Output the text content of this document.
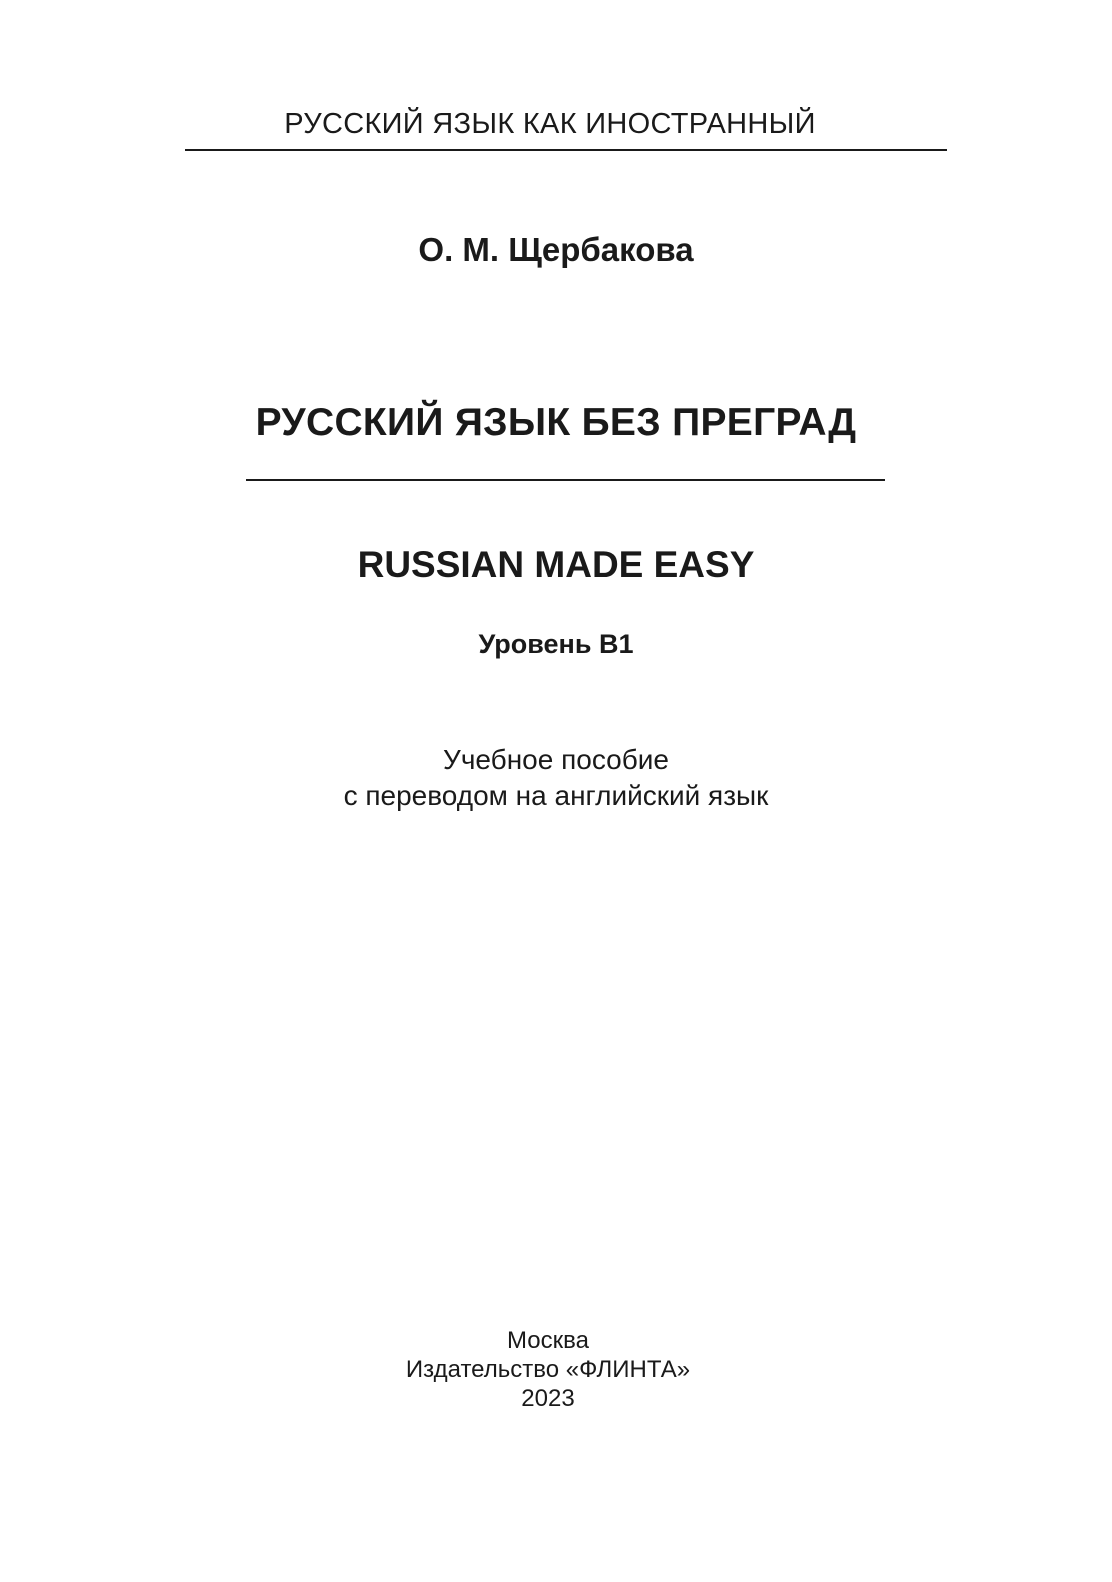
РУССКИЙ ЯЗЫК КАК ИНОСТРАННЫЙ
О. М. Щербакова
РУССКИЙ ЯЗЫК БЕЗ ПРЕГРАД
RUSSIAN MADE EASY
Уровень В1
Учебное пособие
с переводом на английский язык
Москва
Издательство «ФЛИНТА»
2023
